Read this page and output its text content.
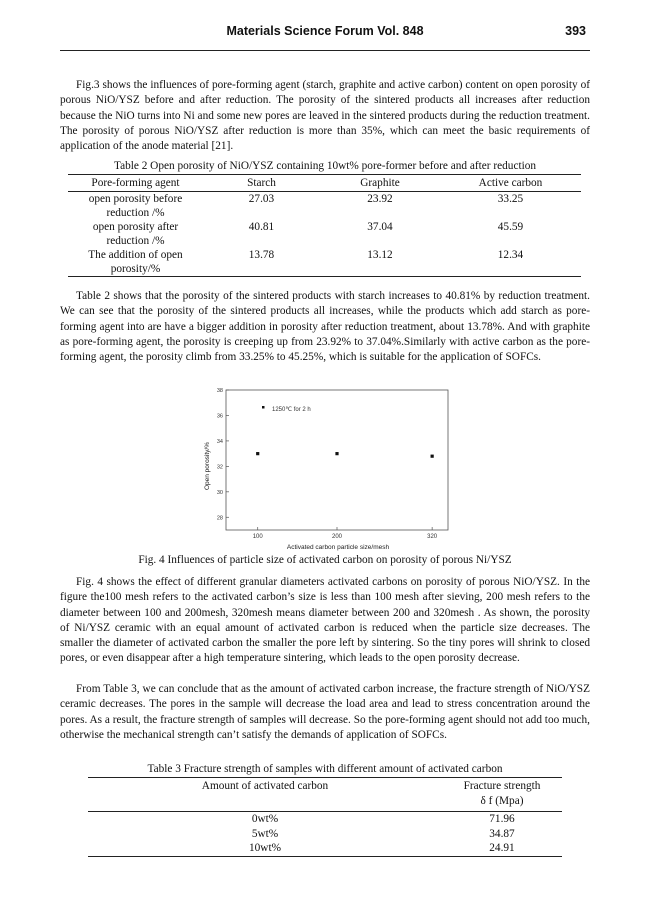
Materials Science Forum Vol. 848	393

Fig.3 shows the influences of pore-forming agent (starch, graphite and active carbon) content on open porosity of porous NiO/YSZ before and after reduction. The porosity of the sintered products all increases after reduction because the NiO turns into Ni and some new pores are leaved in the sintered products during the reduction treatment. The porosity of porous NiO/YSZ after reduction is more than 35%, which can meet the basic requirements of application of the anode material [21].

Table 2 Open porosity of NiO/YSZ containing 10wt% pore-former before and after reduction
Pore-forming agent	Starch	Graphite	Active carbon

open porosity before
reduction /%	27.03	23.92	33.25

open porosity after
reduction /%	40.81	37.04	45.59

The addition of open
porosity/%	13.78	13.12	12.34

Table 2 shows that the porosity of the sintered products with starch increases to 40.81% by reduction treatment. We can see that the porosity of the sintered products all increases, while the products which add starch as pore-forming agent into are have a bigger addition in porosity after reduction treatment, about 13.78%. And with graphite as pore-forming agent, the porosity is creeping up from 23.92% to 37.04%.Similarly with active carbon as the pore-forming agent, the porosity climb from 33.25% to 45.25%, which is suitable for the application of SOFCs.

38
36
34
32
30
28
100	200	320
1250℃ for 2 h
Activated carbon particle size/mesh
Open porosity/%
Fig. 4 Influences of particle size of activated carbon on porosity of porous Ni/YSZ

Fig. 4 shows the effect of different granular diameters activated carbons on porosity of porous NiO/YSZ. In the figure the100 mesh refers to the activated carbon’s size is less than 100 mesh after sieving, 200 mesh refers to the diameter between 100 and 200mesh, 320mesh means diameter between 200 and 320mesh . As shown, the porosity of Ni/YSZ ceramic with an equal amount of activated carbon is reduced when the particle size decreases. The smaller the diameter of activated carbon the smaller the pore left by sintering. So the tiny pores will shrink to closed pores, or even disappear after a high temperature sintering, which leads to the open porosity decrease.

From Table 3, we can conclude that as the amount of activated carbon increase, the fracture strength of NiO/YSZ ceramic decreases. The pores in the sample will decrease the load area and lead to stress concentration around the pores. As a result, the fracture strength of samples will decrease. So the pore-forming agent should not add too much, otherwise the mechanical strength can’t satisfy the demands of application of SOFCs.

Table 3 Fracture strength of samples with different amount of activated carbon
Amount of activated carbon	Fracture strength
δ f (Mpa)

0wt%	71.96
5wt%	34.87
10wt%	24.91
